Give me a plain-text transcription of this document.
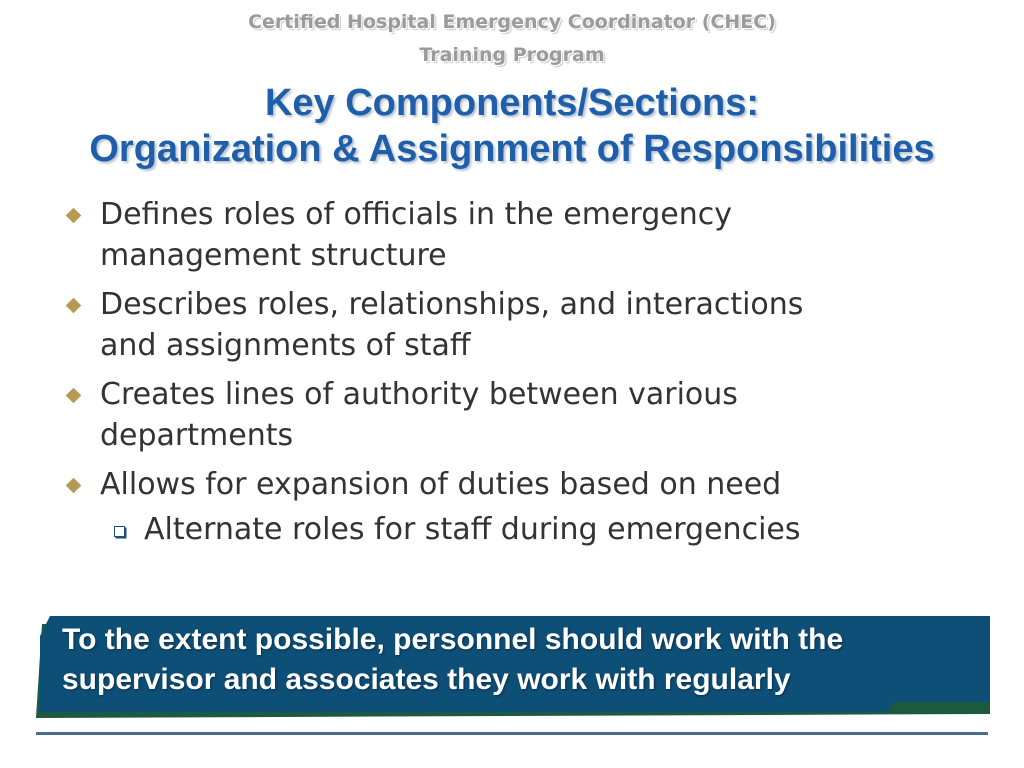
Certified Hospital Emergency Coordinator (CHEC)
Training Program
Key Components/Sections:
Organization & Assignment of Responsibilities
Defines roles of officials in the emergency
management structure
Describes roles, relationships, and interactions
and assignments of staff
Creates lines of authority between various
departments
Allows for expansion of duties based on need
Alternate roles for staff during emergencies
To the extent possible, personnel should work with the
supervisor and associates they work with regularly
